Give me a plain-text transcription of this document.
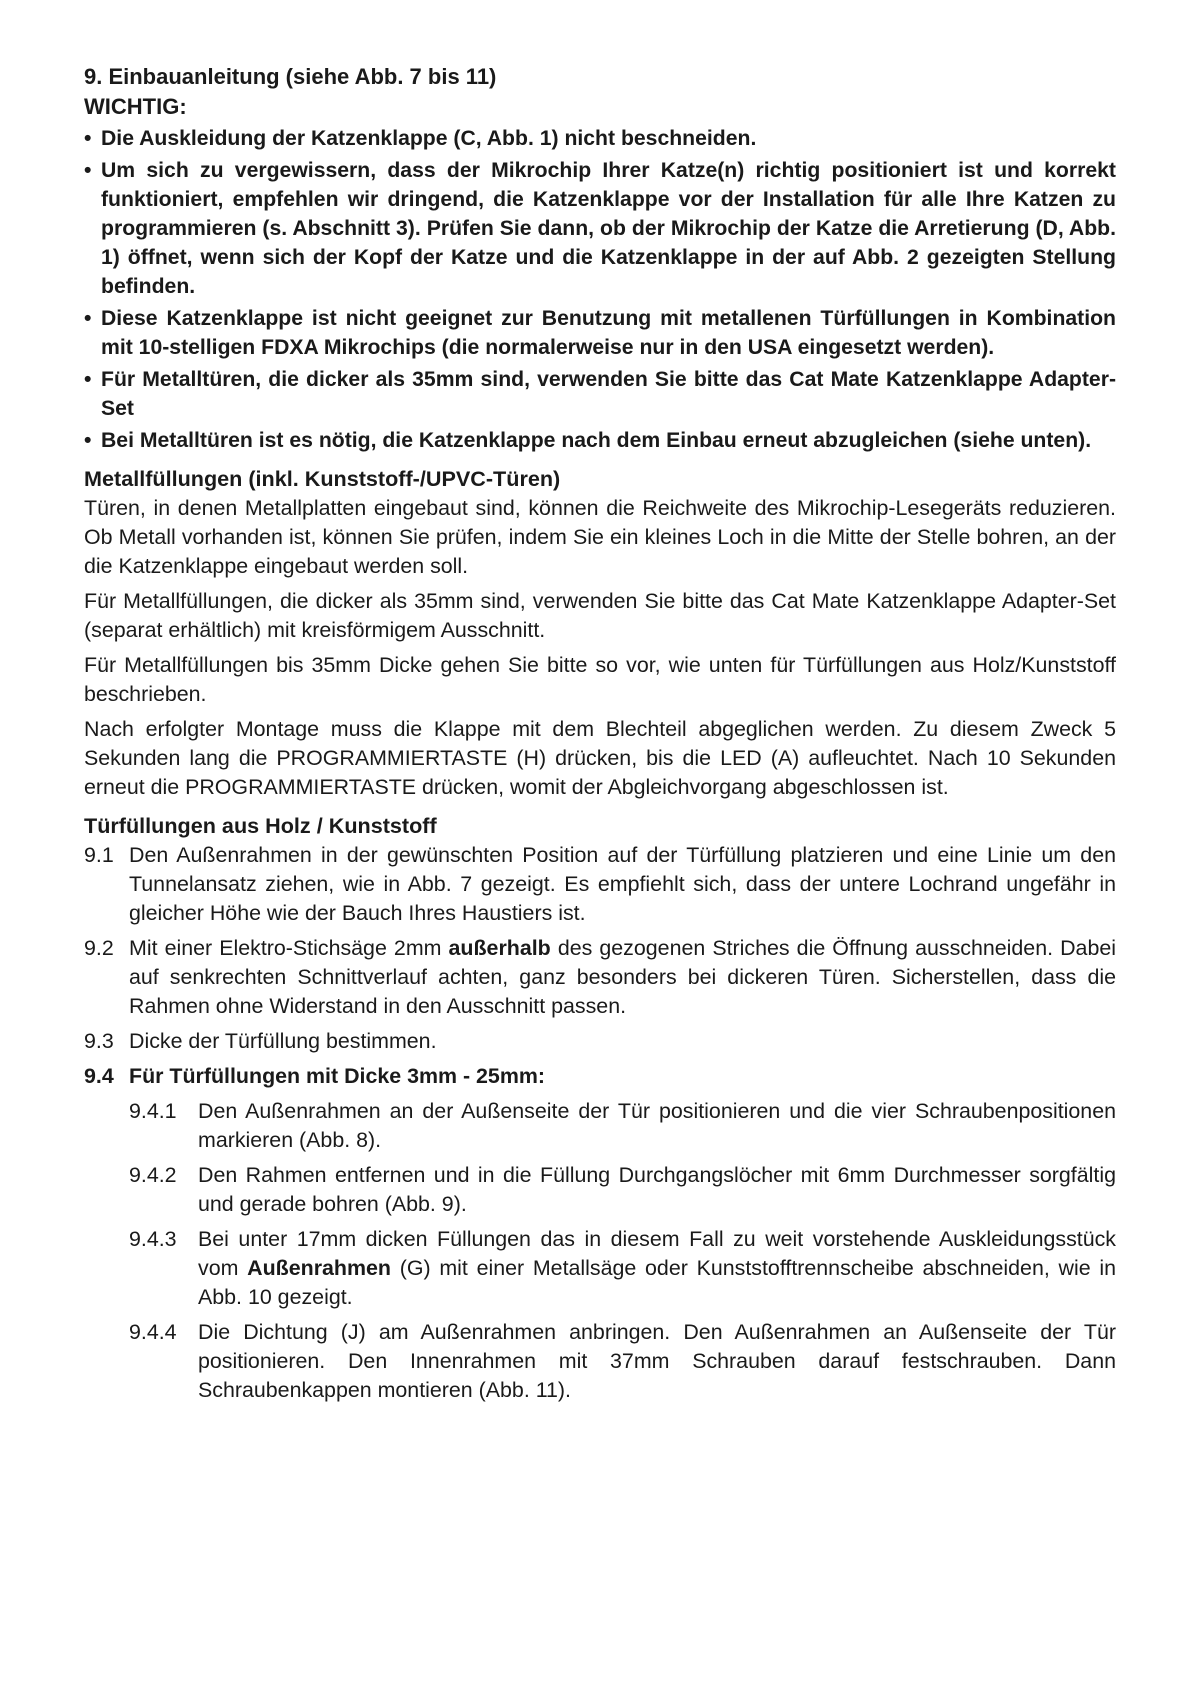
9. Einbauanleitung (siehe Abb. 7 bis 11)
WICHTIG:
• Die Auskleidung der Katzenklappe (C, Abb. 1) nicht beschneiden.
• Um sich zu vergewissern, dass der Mikrochip Ihrer Katze(n) richtig positioniert ist und korrekt funktioniert, empfehlen wir dringend, die Katzenklappe vor der Installation für alle Ihre Katzen zu programmieren (s. Abschnitt 3). Prüfen Sie dann, ob der Mikrochip der Katze die Arretierung (D, Abb. 1) öffnet, wenn sich der Kopf der Katze und die Katzenklappe in der auf Abb. 2 gezeigten Stellung befinden.
• Diese Katzenklappe ist nicht geeignet zur Benutzung mit metallenen Türfüllungen in Kombination mit 10-stelligen FDXA Mikrochips (die normalerweise nur in den USA eingesetzt werden).
• Für Metalltüren, die dicker als 35mm sind, verwenden Sie bitte das Cat Mate Katzenklappe Adapter-Set
• Bei Metalltüren ist es nötig, die Katzenklappe nach dem Einbau erneut abzugleichen (siehe unten).
Metallfüllungen (inkl. Kunststoff-/UPVC-Türen)

Türen, in denen Metallplatten eingebaut sind, können die Reichweite des Mikrochip-Lesegeräts reduzieren. Ob Metall vorhanden ist, können Sie prüfen, indem Sie ein kleines Loch in die Mitte der Stelle bohren, an der die Katzenklappe eingebaut werden soll.

Für Metallfüllungen, die dicker als 35mm sind, verwenden Sie bitte das Cat Mate Katzenklappe Adapter-Set (separat erhältlich) mit kreisförmigem Ausschnitt.

Für Metallfüllungen bis 35mm Dicke gehen Sie bitte so vor, wie unten für Türfüllungen aus Holz/Kunststoff beschrieben.

Nach erfolgter Montage muss die Klappe mit dem Blechteil abgeglichen werden. Zu diesem Zweck 5 Sekunden lang die PROGRAMMIERTASTE (H) drücken, bis die LED (A) aufleuchtet. Nach 10 Sekunden erneut die PROGRAMMIERTASTE drücken, womit der Abgleichvorgang abgeschlossen ist.

Türfüllungen aus Holz / Kunststoff
9.1 Den Außenrahmen in der gewünschten Position auf der Türfüllung platzieren und eine Linie um den Tunnelansatz ziehen, wie in Abb. 7 gezeigt. Es empfiehlt sich, dass der untere Lochrand ungefähr in gleicher Höhe wie der Bauch Ihres Haustiers ist.
9.2 Mit einer Elektro-Stichsäge 2mm außerhalb des gezogenen Striches die Öffnung ausschneiden. Dabei auf senkrechten Schnittverlauf achten, ganz besonders bei dickeren Türen. Sicherstellen, dass die Rahmen ohne Widerstand in den Ausschnitt passen.
9.3 Dicke der Türfüllung bestimmen.
9.4 Für Türfüllungen mit Dicke 3mm - 25mm:
9.4.1 Den Außenrahmen an der Außenseite der Tür positionieren und die vier Schraubenpositionen markieren (Abb. 8).
9.4.2 Den Rahmen entfernen und in die Füllung Durchgangslöcher mit 6mm Durchmesser sorgfältig und gerade bohren (Abb. 9).
9.4.3 Bei unter 17mm dicken Füllungen das in diesem Fall zu weit vorstehende Auskleidungsstück vom Außenrahmen (G) mit einer Metallsäge oder Kunststofftrennscheibe abschneiden, wie in Abb. 10 gezeigt.
9.4.4 Die Dichtung (J) am Außenrahmen anbringen. Den Außenrahmen an Außenseite der Tür positionieren. Den Innenrahmen mit 37mm Schrauben darauf festschrauben. Dann Schraubenkappen montieren (Abb. 11).
